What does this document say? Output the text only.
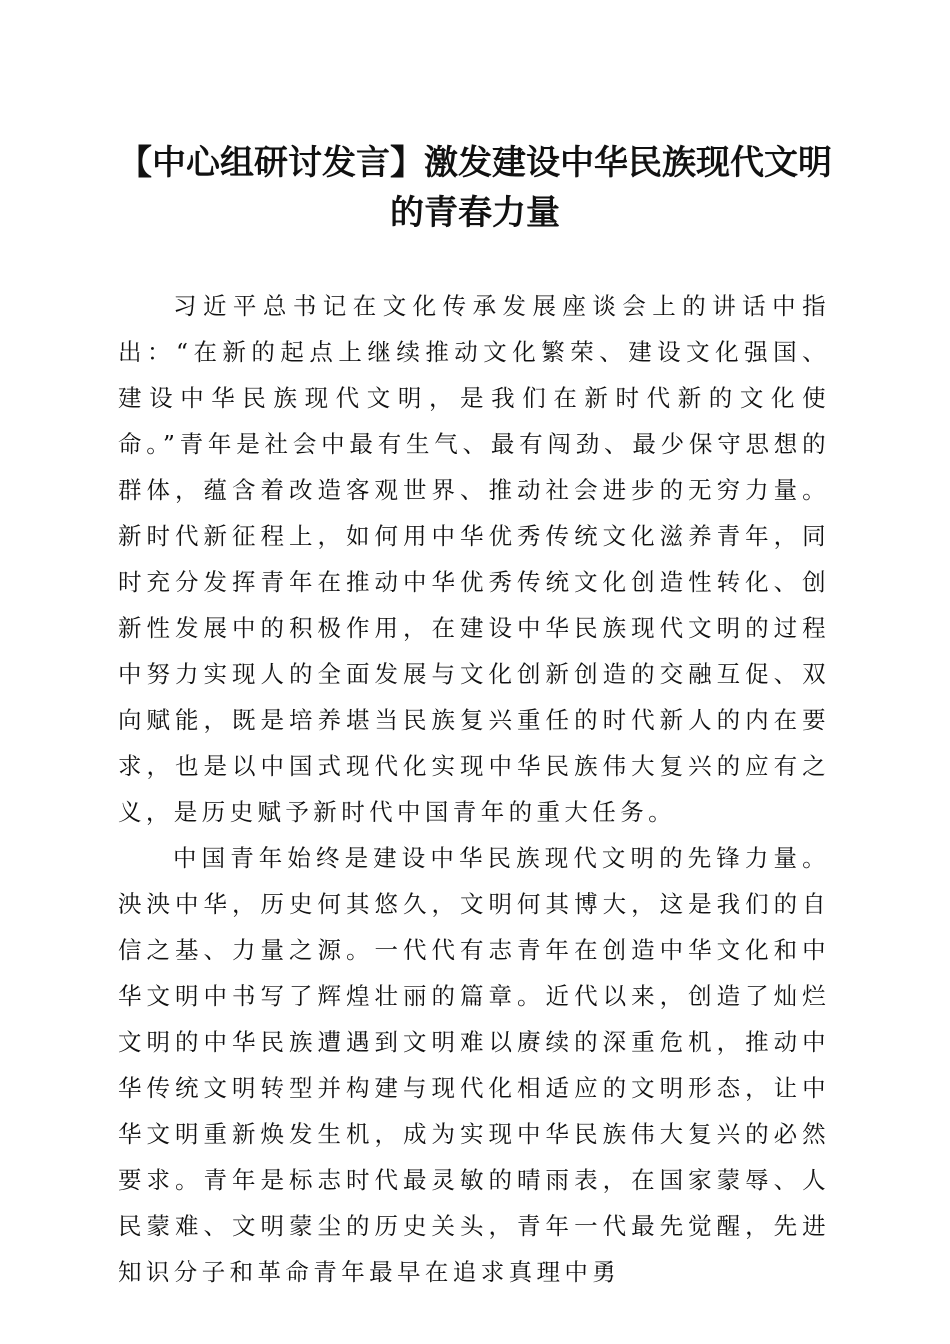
【中心组研讨发言】激发建设中华民族现代文明的青春力量

习近平总书记在文化传承发展座谈会上的讲话中指出：“在新的起点上继续推动文化繁荣、建设文化强国、建设中华民族现代文明，是我们在新时代新的文化使命。”青年是社会中最有生气、最有闯劲、最少保守思想的群体，蕴含着改造客观世界、推动社会进步的无穷力量。新时代新征程上，如何用中华优秀传统文化滋养青年，同时充分发挥青年在推动中华优秀传统文化创造性转化、创新性发展中的积极作用，在建设中华民族现代文明的过程中努力实现人的全面发展与文化创新创造的交融互促、双向赋能，既是培养堪当民族复兴重任的时代新人的内在要求，也是以中国式现代化实现中华民族伟大复兴的应有之义，是历史赋予新时代中国青年的重大任务。

中国青年始终是建设中华民族现代文明的先锋力量。泱泱中华，历史何其悠久，文明何其博大，这是我们的自信之基、力量之源。一代代有志青年在创造中华文化和中华文明中书写了辉煌壮丽的篇章。近代以来，创造了灿烂文明的中华民族遭遇到文明难以赓续的深重危机，推动中华传统文明转型并构建与现代化相适应的文明形态，让中华文明重新焕发生机，成为实现中华民族伟大复兴的必然要求。青年是标志时代最灵敏的晴雨表，在国家蒙辱、人民蒙难、文明蒙尘的历史关头，青年一代最先觉醒，先进知识分子和革命青年最早在追求真理中勇
